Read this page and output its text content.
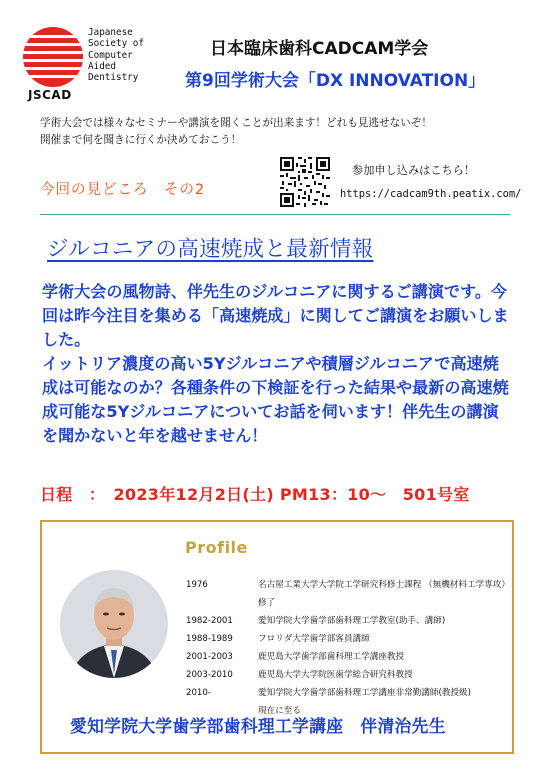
Japanese
Society of
Computer
Aided
Dentistry
JSCAD
日本臨床歯科CADCAM学会
第9回学術大会「DX INNOVATION」
学術大会では様々なセミナーや講演を聞くことが出来ます！どれも見逃せないぞ！
開催まで何を聞きに行くか決めておこう！
今回の見どころ　その2
参加申し込みはこちら！
https://cadcam9th.peatix.com/
ジルコニアの高速焼成と最新情報

学術大会の風物詩、伴先生のジルコニアに関するご講演です。今回は昨今注目を集める「高速焼成」に関してご講演をお願いしました。

イットリア濃度の高い5Yジルコニアや積層ジルコニアで高速焼成は可能なのか？各種条件の下検証を行った結果や最新の高速焼成可能な5Yジルコニアについてお話を伺います！伴先生の講演を聞かないと年を越せません！

日程　：　2023年12月2日(土) PM13：10～　501号室
Profile
1976	名古屋工業大学大学院工学研究科修士課程 （無機材料工学専攻）
修了
1982-2001	愛知学院大学歯学部歯科理工学教室(助手、講師)
1988-1989	フロリダ大学歯学部客員講師
2001-2003	鹿児島大学歯学部歯科理工学講座教授
2003-2010	鹿児島大学大学院医歯学総合研究科教授
2010-	愛知学院大学歯学部歯科理工学講座非常勤講師(教授級)
現在に至る
愛知学院大学歯学部歯科理工学講座　伴清治先生
